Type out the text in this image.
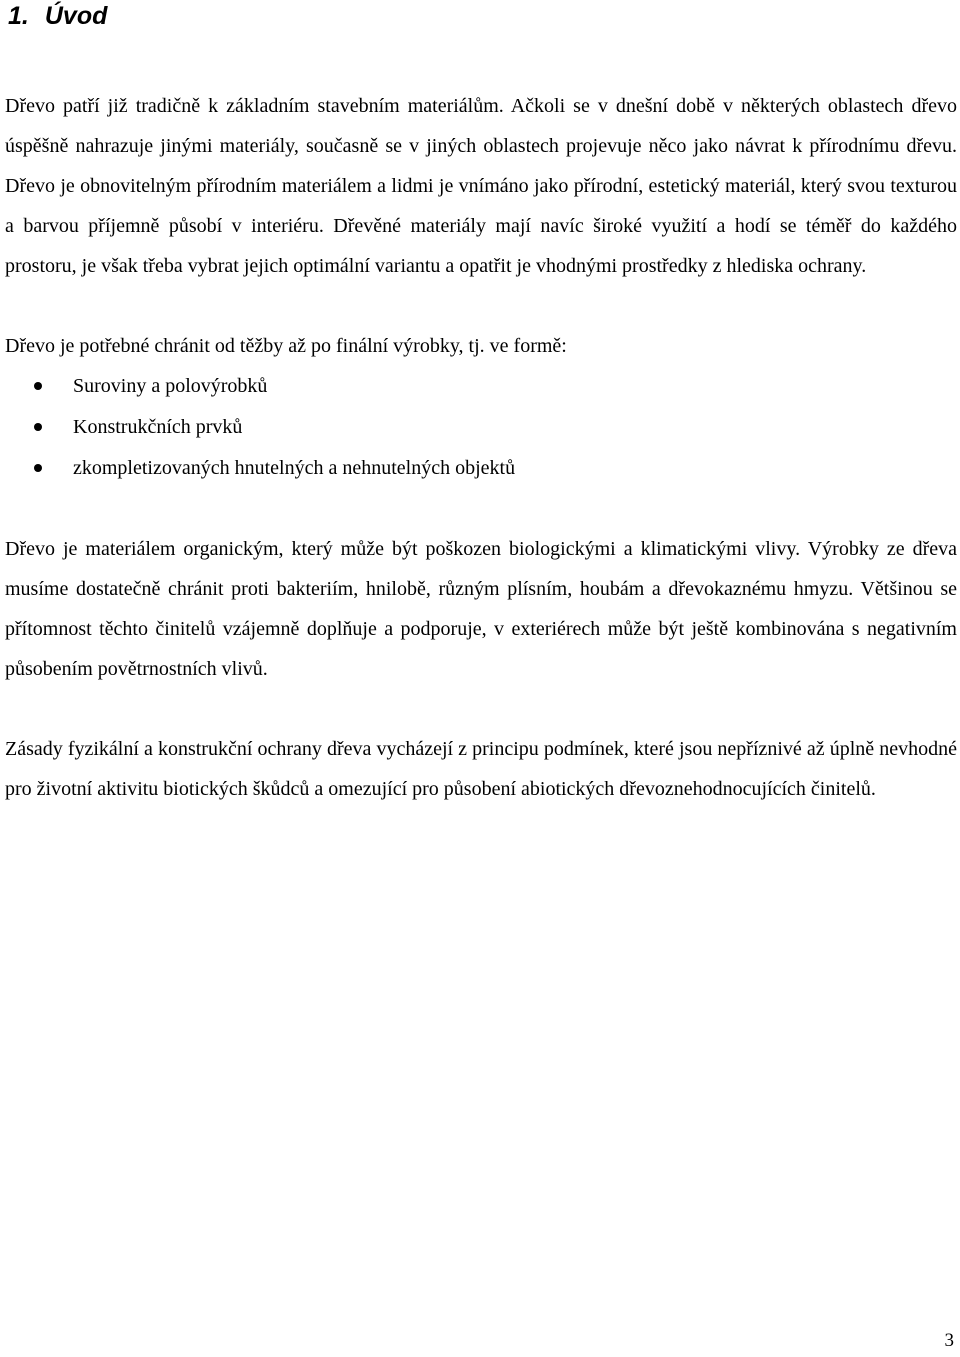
1. Úvod

Dřevo patří již tradičně k základním stavebním materiálům. Ačkoli se v dnešní době v některých oblastech dřevo úspěšně nahrazuje jinými materiály, současně se v jiných oblastech projevuje něco jako návrat k přírodnímu dřevu. Dřevo je obnovitelným přírodním materiálem a lidmi je vnímáno jako přírodní, estetický materiál, který svou texturou a barvou příjemně působí v interiéru. Dřevěné materiály mají navíc široké využití a hodí se téměř do každého prostoru, je však třeba vybrat jejich optimální variantu a opatřit je vhodnými prostředky z hlediska ochrany.

Dřevo je potřebné chránit od těžby až po finální výrobky, tj. ve formě:

Suroviny a polovýrobků
Konstrukčních prvků
zkompletizovaných hnutelných a nehnutelných objektů

Dřevo je materiálem organickým, který může být poškozen biologickými a klimatickými vlivy. Výrobky ze dřeva musíme dostatečně chránit proti bakteriím, hnilobě, různým plísním, houbám a dřevokaznému hmyzu. Většinou se přítomnost těchto činitelů vzájemně doplňuje a podporuje, v exteriérech může být ještě kombinována s negativním působením povětrnostních vlivů.

Zásady fyzikální a konstrukční ochrany dřeva vycházejí z principu podmínek, které jsou nepříznivé až úplně nevhodné pro životní aktivitu biotických škůdců a omezující pro působení abiotických dřevoznehodnocujících činitelů.

3
